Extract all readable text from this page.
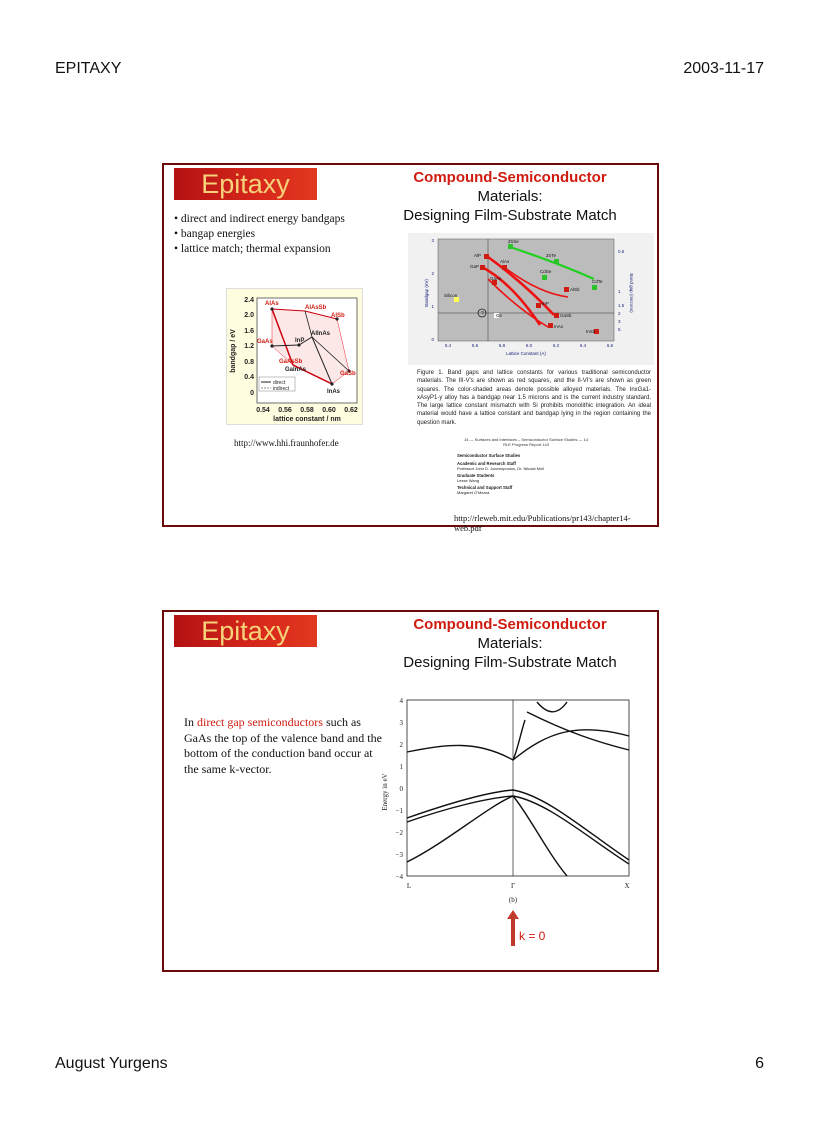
EPITAXY	2003-11-17
Epitaxy	Compound-Semiconductor
Materials:
Designing Film-Substrate Match
• direct and indirect energy bandgaps
• bangap energies
• lattice match; thermal expansion
2.4
2.0
1.6
1.2
0.8
0.4
0
0.54 0.56 0.58 0.60 0.62
lattice constant / nm
bandgap / eV
AlAs
AlAsSb
AlSb
AlInAs
GaAs	InP
GaAsSb
GaInAs
GaSb
InAs
direct
indirect
http://www.hhi.fraunhofer.de
?
ZnSe
ZnTe
AlP
GaP
AlAs
CdSe
CdTe
AlSb
Silicon
GaAs
InP
GaSb
InAs
InSb
Ge
5.4	5.6	5.8	6.0	6.2	6.4	6.6
Lattice Constant (A)
Bandgap (eV)	Band gap (microns)
3
2
1
0
0.5
1
1.5
2
3
5
Figure 1. Band gaps and lattice constants for various traditional semiconductor materials. The III-V's are shown as red squares, and the II-VI's are shown as green squares. The color-shaded areas denote possible alloyed materials. The InxGa1-xAsyP1-y alloy has a bandgap near 1.5 microns and is the current industry standard. The large lattice constant mismatch with Si prohibits monolithic integration. An ideal material would have a lattice constant and bandgap lying in the region containing the question mark.
14 — Surfaces and Interfaces – Semiconductor Surface Studies — 14
RLE Progress Report 143
Semiconductor Surface Studies
Academic and Research Staff
Professor John D. Joannopoulos, Dr. Nikolai Moll
Graduate Students
Lesse Wang
Technical and Support Staff
Margaret O'Meara
http://rleweb.mit.edu/Publications/pr143/chapter14-web.pdf
Epitaxy	Compound-Semiconductor
Materials:
Designing Film-Substrate Match
In direct gap semiconductors such as GaAs the top of the valence band and the bottom of the conduction band occur at the same k-vector.
4
3
2
1
0
−1
−2
−3
−4
Energy in eV
L	Γ	X
(b)
k = 0
August Yurgens	6
